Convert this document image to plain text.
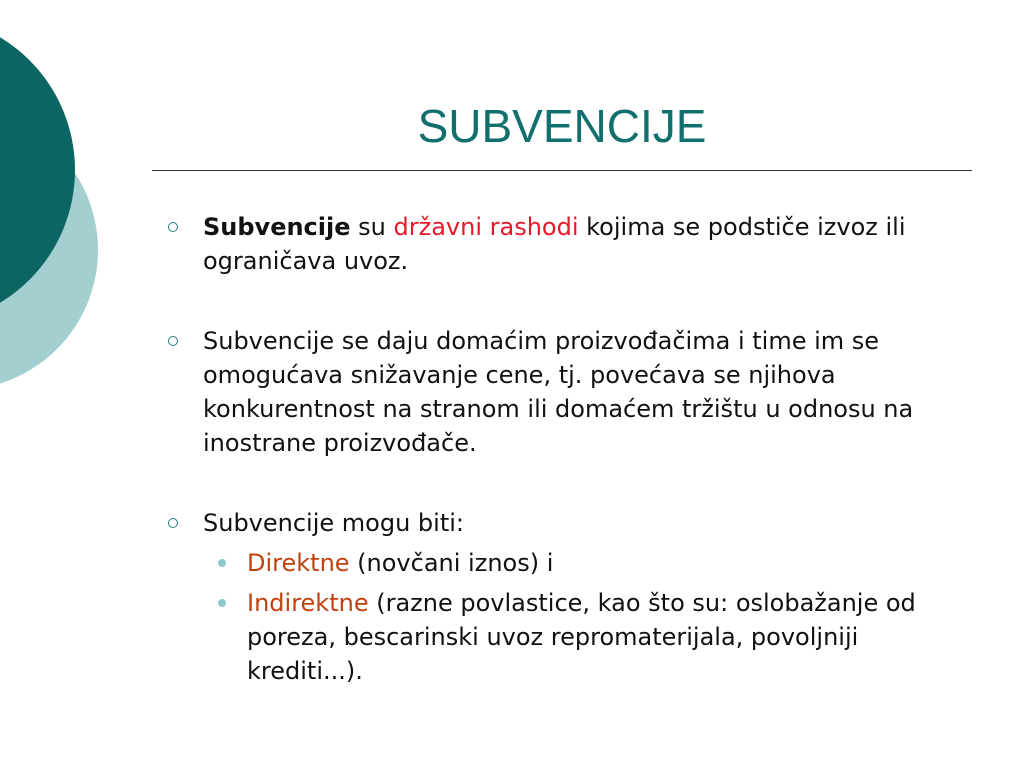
SUBVENCIJE
Subvencije su državni rashodi kojima se podstiče izvoz ili ograničava uvoz.
Subvencije se daju domaćim proizvođačima i time im se omogućava snižavanje cene, tj. povećava se njihova konkurentnost na stranom ili domaćem tržištu u odnosu na inostrane proizvođače.
Subvencije mogu biti:
Direktne (novčani iznos) i
Indirektne (razne povlastice, kao što su: oslobažanje od poreza, bescarinski uvoz repromaterijala, povoljniji krediti...).
